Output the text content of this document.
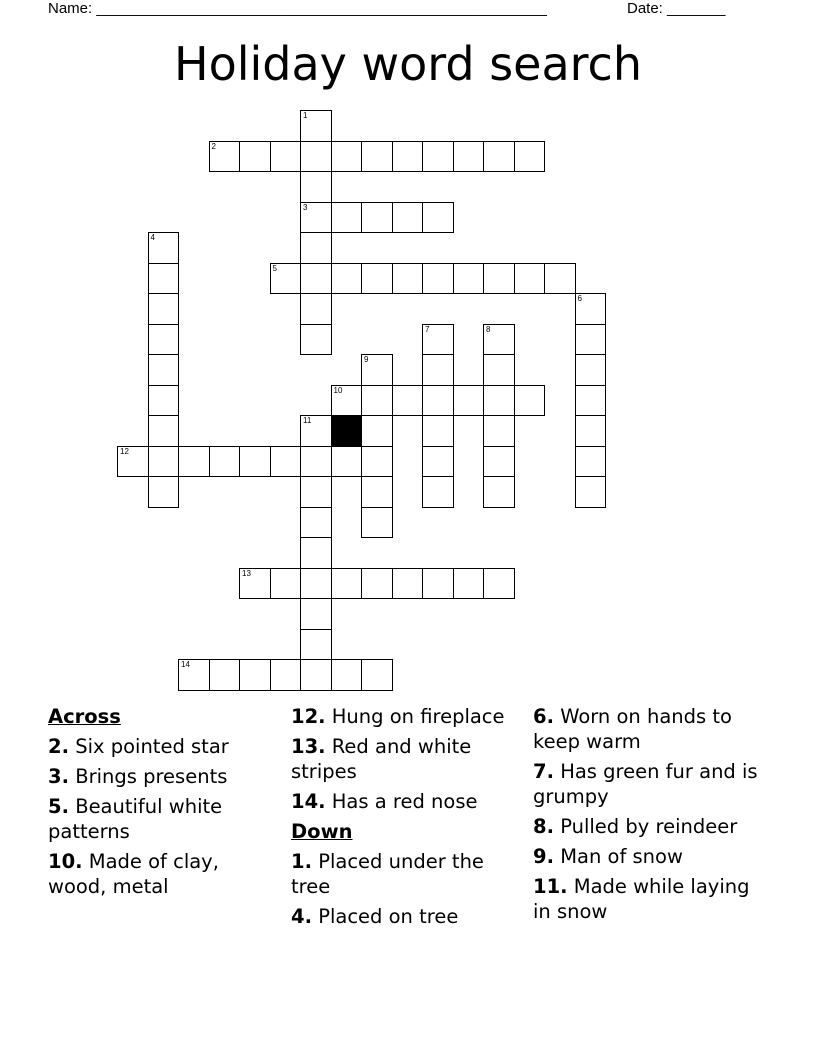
Name: ______________________________________________________	Date: _______
Holiday word search
1
3
2
4
5
6
7	8
9
10
11
12
13
14
Across
2. Six pointed star
3. Brings presents
5. Beautiful white patterns
10. Made of clay, wood, metal
12. Hung on fireplace
13. Red and white stripes
14. Has a red nose
Down
1. Placed under the tree
4. Placed on tree
6. Worn on hands to keep warm
7. Has green fur and is grumpy
8. Pulled by reindeer
9. Man of snow
11. Made while laying in snow
